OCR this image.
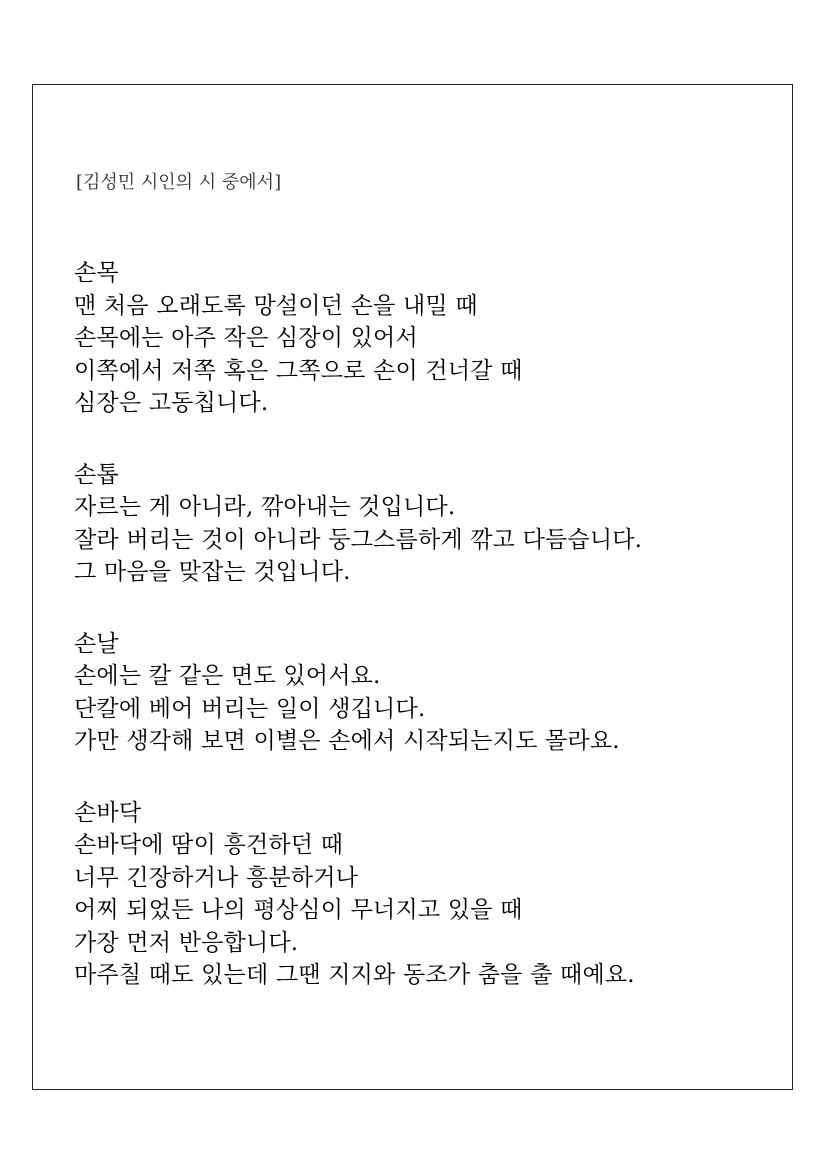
[김성민 시인의 시 중에서]
손목
맨 처음 오래도록 망설이던 손을 내밀 때
손목에는 아주 작은 심장이 있어서
이쪽에서 저쪽 혹은 그쪽으로 손이 건너갈 때
심장은 고동칩니다.
손톱
자르는 게 아니라, 깎아내는 것입니다.
잘라 버리는 것이 아니라 둥그스름하게 깎고 다듬습니다.
그 마음을 맞잡는 것입니다.
손날
손에는 칼 같은 면도 있어서요.
단칼에 베어 버리는 일이 생깁니다.
가만 생각해 보면 이별은 손에서 시작되는지도 몰라요.
손바닥
손바닥에 땀이 흥건하던 때
너무 긴장하거나 흥분하거나
어찌 되었든 나의 평상심이 무너지고 있을 때
가장 먼저 반응합니다.
마주칠 때도 있는데 그땐 지지와 동조가 춤을 출 때예요.
